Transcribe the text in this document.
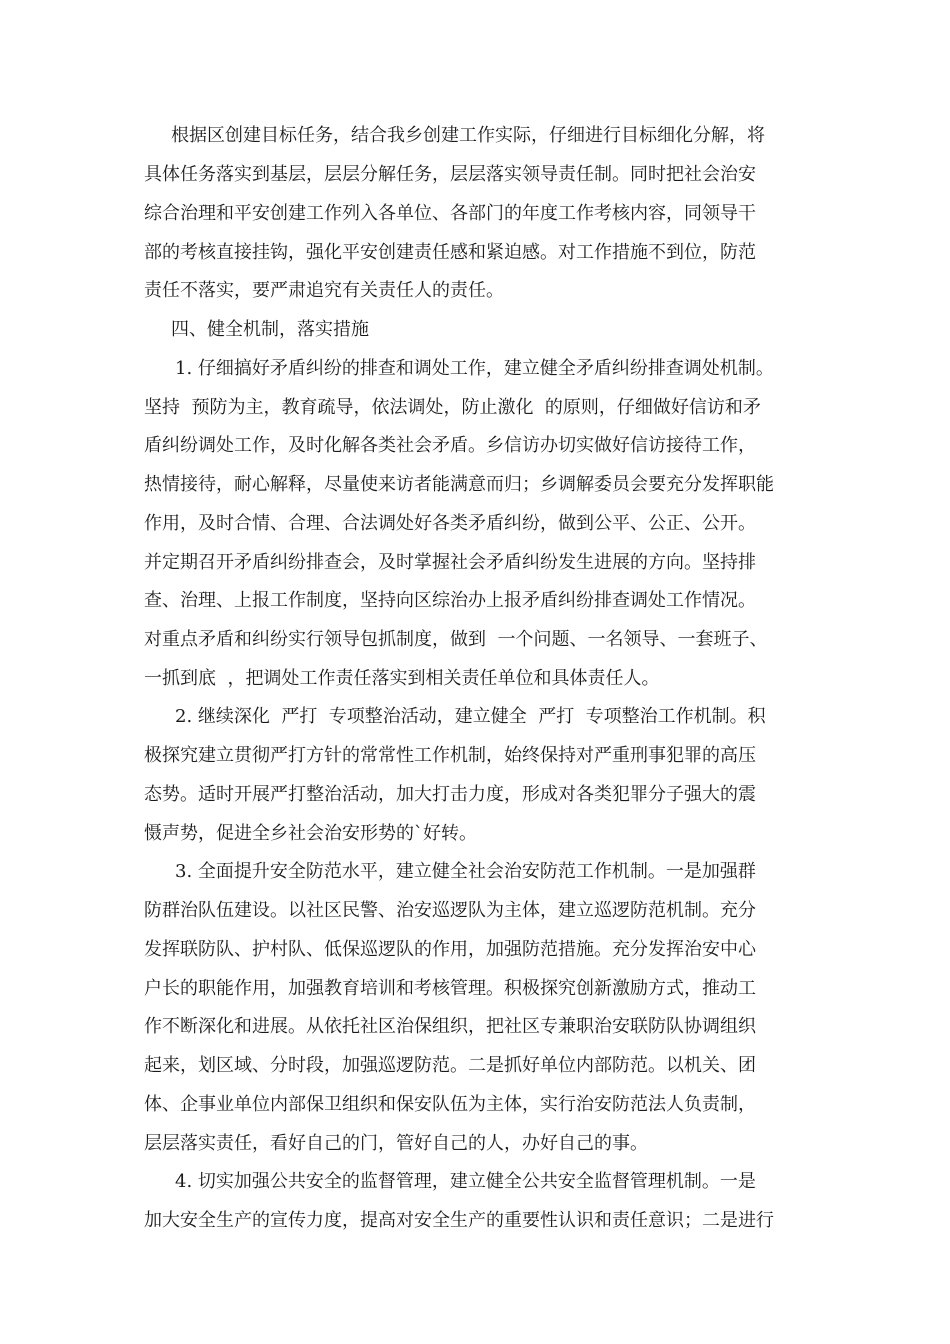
根据区创建目标任务，结合我乡创建工作实际，仔细进行目标细化分解，将
具体任务落实到基层，层层分解任务，层层落实领导责任制。同时把社会治安
综合治理和平安创建工作列入各单位、各部门的年度工作考核内容，同领导干
部的考核直接挂钩，强化平安创建责任感和紧迫感。对工作措施不到位，防范
责任不落实，要严肃追究有关责任人的责任。
四、健全机制，落实措施
1. 仔细搞好矛盾纠纷的排查和调处工作，建立健全矛盾纠纷排查调处机制。
坚持  预防为主，教育疏导，依法调处，防止激化  的原则，仔细做好信访和矛
盾纠纷调处工作，及时化解各类社会矛盾。乡信访办切实做好信访接待工作，
热情接待，耐心解释，尽量使来访者能满意而归；乡调解委员会要充分发挥职能
作用，及时合情、合理、合法调处好各类矛盾纠纷，做到公平、公正、公开。
并定期召开矛盾纠纷排查会，及时掌握社会矛盾纠纷发生进展的方向。坚持排
查、治理、上报工作制度，坚持向区综治办上报矛盾纠纷排查调处工作情况。
对重点矛盾和纠纷实行领导包抓制度，做到  一个问题、一名领导、一套班子、
一抓到底  ，把调处工作责任落实到相关责任单位和具体责任人。
2. 继续深化  严打  专项整治活动，建立健全  严打  专项整治工作机制。积
极探究建立贯彻严打方针的常常性工作机制，始终保持对严重刑事犯罪的高压
态势。适时开展严打整治活动，加大打击力度，形成对各类犯罪分子强大的震
慑声势，促进全乡社会治安形势的`好转。
3. 全面提升安全防范水平，建立健全社会治安防范工作机制。一是加强群
防群治队伍建设。以社区民警、治安巡逻队为主体，建立巡逻防范机制。充分
发挥联防队、护村队、低保巡逻队的作用，加强防范措施。充分发挥治安中心
户长的职能作用，加强教育培训和考核管理。积极探究创新激励方式，推动工
作不断深化和进展。从依托社区治保组织，把社区专兼职治安联防队协调组织
起来，划区域、分时段，加强巡逻防范。二是抓好单位内部防范。以机关、团
体、企事业单位内部保卫组织和保安队伍为主体，实行治安防范法人负责制，
层层落实责任，看好自己的门，管好自己的人，办好自己的事。
4. 切实加强公共安全的监督管理，建立健全公共安全监督管理机制。一是
加大安全生产的宣传力度，提高对安全生产的重要性认识和责任意识；二是进行
